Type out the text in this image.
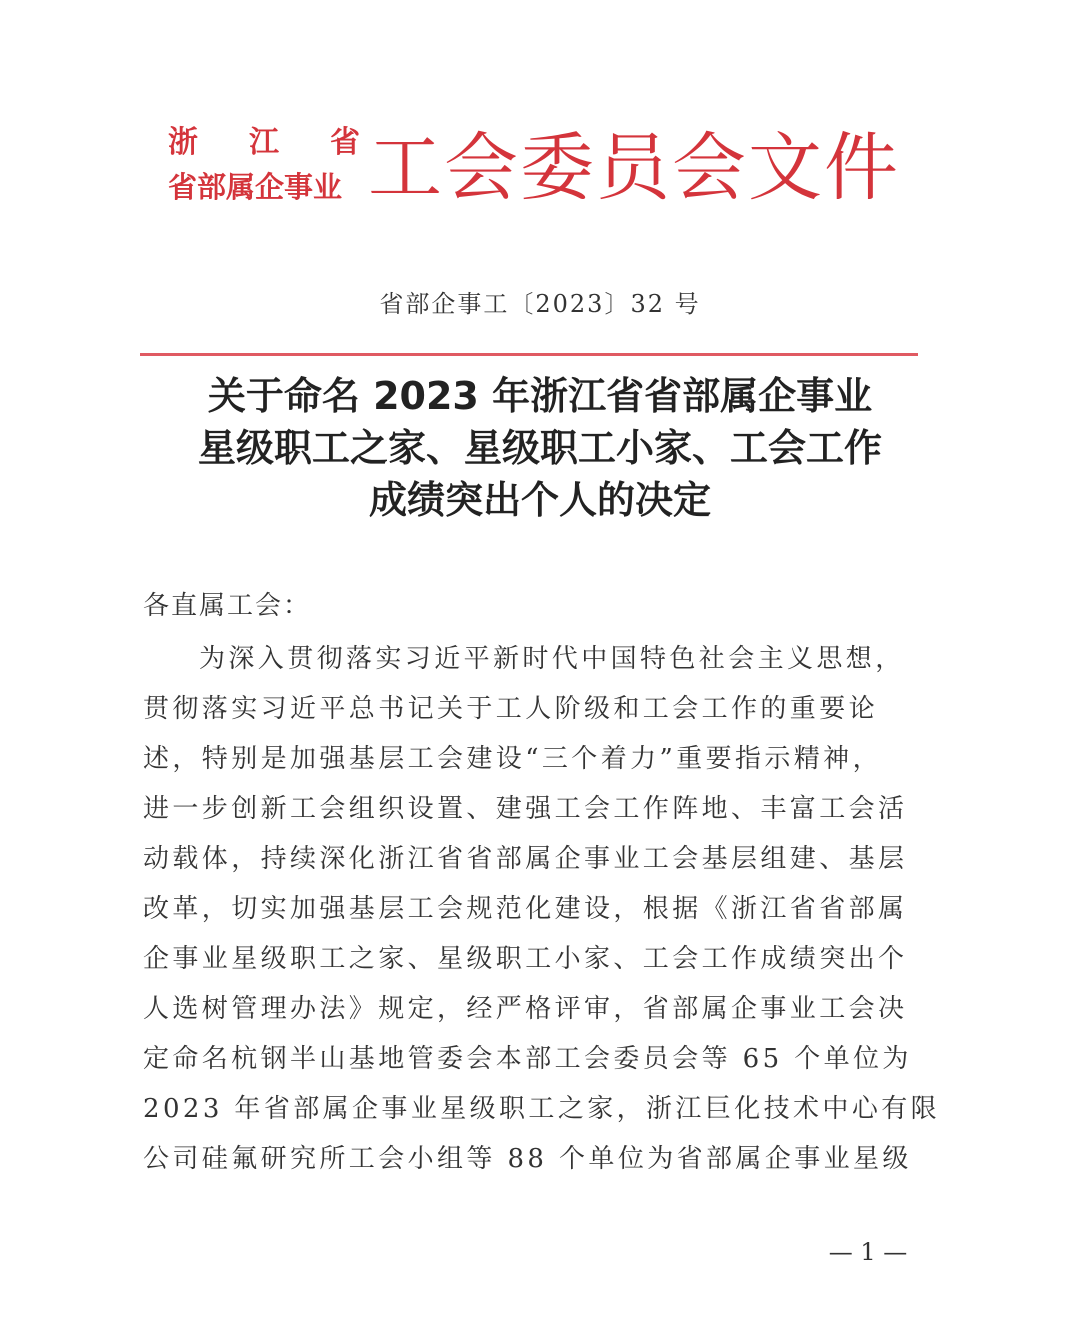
浙 江 省
省部属企事业 工会委员会文件
省部企事工〔2023〕32 号
关于命名 2023 年浙江省省部属企事业
星级职工之家、星级职工小家、工会工作
成绩突出个人的决定
各直属工会：
为深入贯彻落实习近平新时代中国特色社会主义思想，
贯彻落实习近平总书记关于工人阶级和工会工作的重要论
述，特别是加强基层工会建设“三个着力”重要指示精神，
进一步创新工会组织设置、建强工会工作阵地、丰富工会活
动载体，持续深化浙江省省部属企事业工会基层组建、基层
改革，切实加强基层工会规范化建设，根据《浙江省省部属
企事业星级职工之家、星级职工小家、工会工作成绩突出个
人选树管理办法》规定，经严格评审，省部属企事业工会决
定命名杭钢半山基地管委会本部工会委员会等 65 个单位为
2023 年省部属企事业星级职工之家，浙江巨化技术中心有限
公司硅氟研究所工会小组等 88 个单位为省部属企事业星级
— 1 —
